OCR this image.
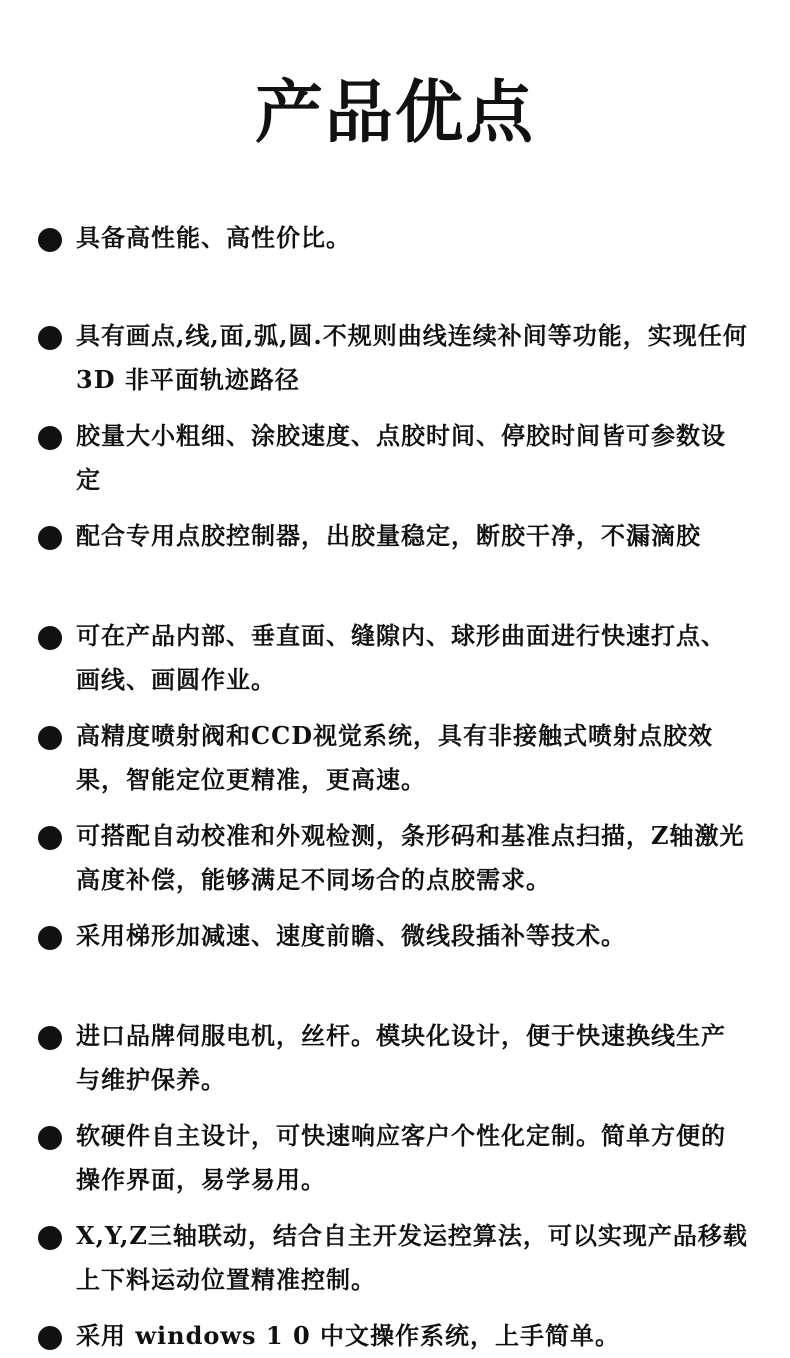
产品优点
具备高性能、高性价比。
具有画点,线,面,弧,圆.不规则曲线连续补间等功能，实现任何 3D 非平面轨迹路径
胶量大小粗细、涂胶速度、点胶时间、停胶时间皆可参数设定
配合专用点胶控制器，出胶量稳定，断胶干净，不漏滴胶
可在产品内部、垂直面、缝隙内、球形曲面进行快速打点、画线、画圆作业。
高精度喷射阀和CCD视觉系统，具有非接触式喷射点胶效果，智能定位更精准，更高速。
可搭配自动校准和外观检测，条形码和基准点扫描，Z轴激光高度补偿，能够满足不同场合的点胶需求。
采用梯形加减速、速度前瞻、微线段插补等技术。
进口品牌伺服电机，丝杆。模块化设计，便于快速换线生产与维护保养。
软硬件自主设计，可快速响应客户个性化定制。简单方便的操作界面，易学易用。
X,Y,Z三轴联动，结合自主开发运控算法，可以实现产品移载上下料运动位置精准控制。
采用 windows 1 0 中文操作系统，上手简单。
